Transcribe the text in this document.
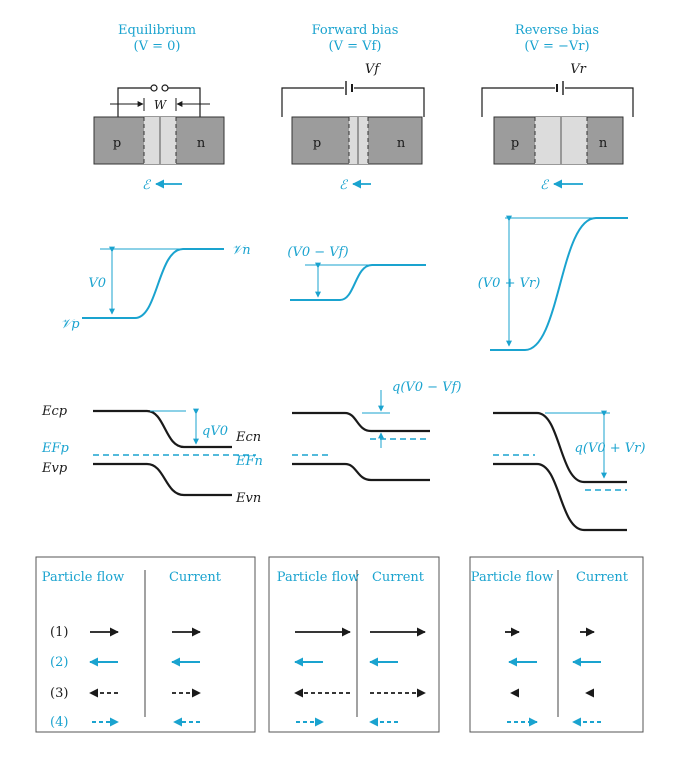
Equilibrium
(V = 0)
W
p	n
ℰ
V0
𝒱p
𝒱n
qV0
Ecp
EFp
Evp
Ecn
EFn
Evn
Particle flow	Current
(1)
(2)
(3)
(4)
Forward bias
(V = Vf)
Vf
p	n
ℰ
(V0 − Vf)
q(V0 − Vf)
Particle flow Current
Reverse bias
(V = −Vr)
Vr
p	n
ℰ
(V0 + Vr)
q(V0 + Vr)
Particle flow Current
